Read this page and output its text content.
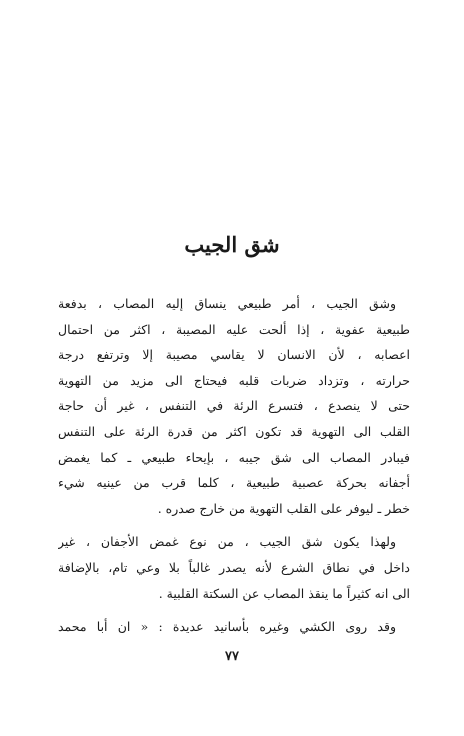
شق الجيب
وشق الجيب ، أمر طبيعي ينساق إليه المصاب ، بدفعة
طبيعية عفوية ، إذا ألحت عليه المصيبة ، اكثر من احتمال
اعصابه ، لأن الانسان لا يقاسي مصيبة إلا وترتفع درجة
حرارته ، وتزداد ضربات قلبه فيحتاج الى مزيد من التهوية
حتى لا ينصدع ، فتسرع الرئة في التنفس ، غير أن حاجة
القلب الى التهوية قد تكون اكثر من قدرة الرئة على التنفس
فيبادر المصاب الى شق جيبه ، بإيحاء طبيعي ـ كما يغمض
أجفانه بحركة عصبية طبيعية ، كلما قرب من عينيه شيء
خطر ـ ليوفر على القلب التهوية من خارج صدره .
ولهذا يكون شق الجيب ، من نوع غمض الأجفان ، غير
داخل في نطاق الشرع لأنه يصدر غالباً بلا وعي تام، بالإضافة
الى انه كثيراً ما ينقذ المصاب عن السكتة القلبية .
وقد روى الكشي وغيره بأسانيد عديدة : « ان أبا محمد
٧٧
